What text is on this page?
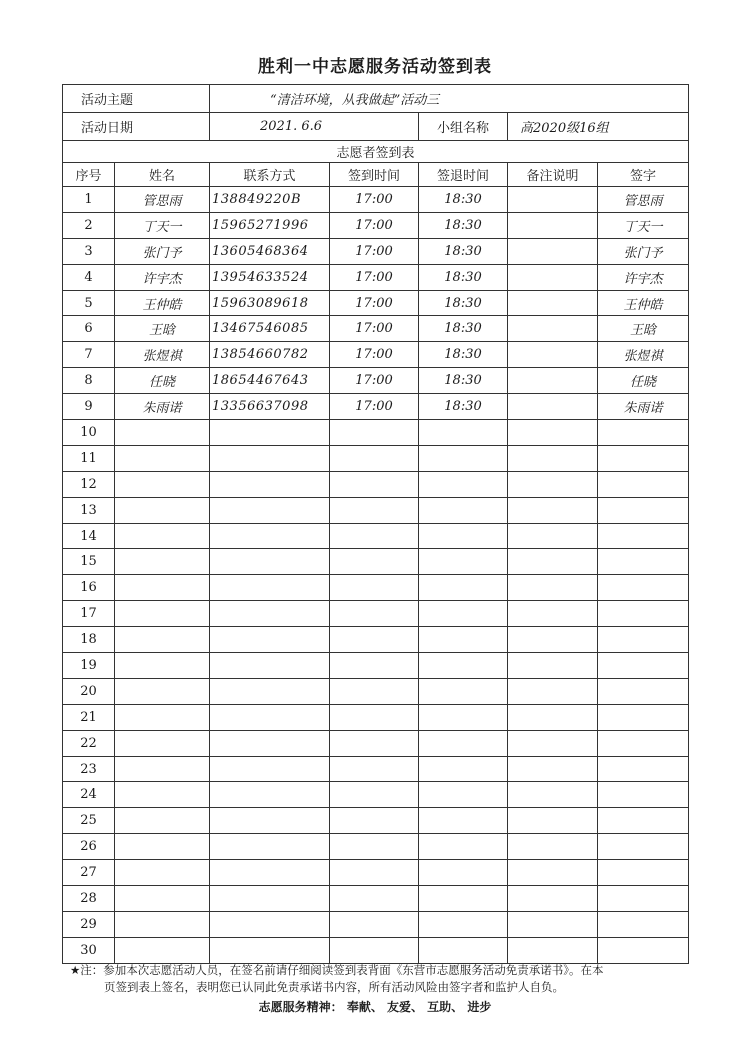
胜利一中志愿服务活动签到表
活动主题		“清洁环境，从我做起”活动三				
活动日期		2021. 6.6		小组名称	高2020级16组	
志愿者签到表						
序号	姓名	联系方式	签到时间	签退时间	备注说明	签字
1	管思雨	138849220B	17:00	18:30		管思雨
2	丁天一	15965271996	17:00	18:30		丁天一
3	张门予	13605468364	17:00	18:30		张门予
4	许宇杰	13954633524	17:00	18:30		许宇杰
5	王仲皓	15963089618	17:00	18:30		王仲皓
6	王晗	13467546085	17:00	18:30		王晗
7	张煜祺	13854660782	17:00	18:30		张煜祺
8	任晓	18654467643	17:00	18:30		任晓
9	朱雨诺	13356637098	17:00	18:30		朱雨诺
10						
11						
12						
13						
14						
15						
16						
17						
18						
19						
20						
21						
22						
23						
24						
25						
26						
27						
28						
29						
30						
★注：参加本次志愿活动人员，在签名前请仔细阅读签到表背面《东营市志愿服务活动免责承诺书》。在本
页签到表上签名，表明您已认同此免责承诺书内容，所有活动风险由签字者和监护人自负。
志愿服务精神： 奉献、 友爱、 互助、 进步
